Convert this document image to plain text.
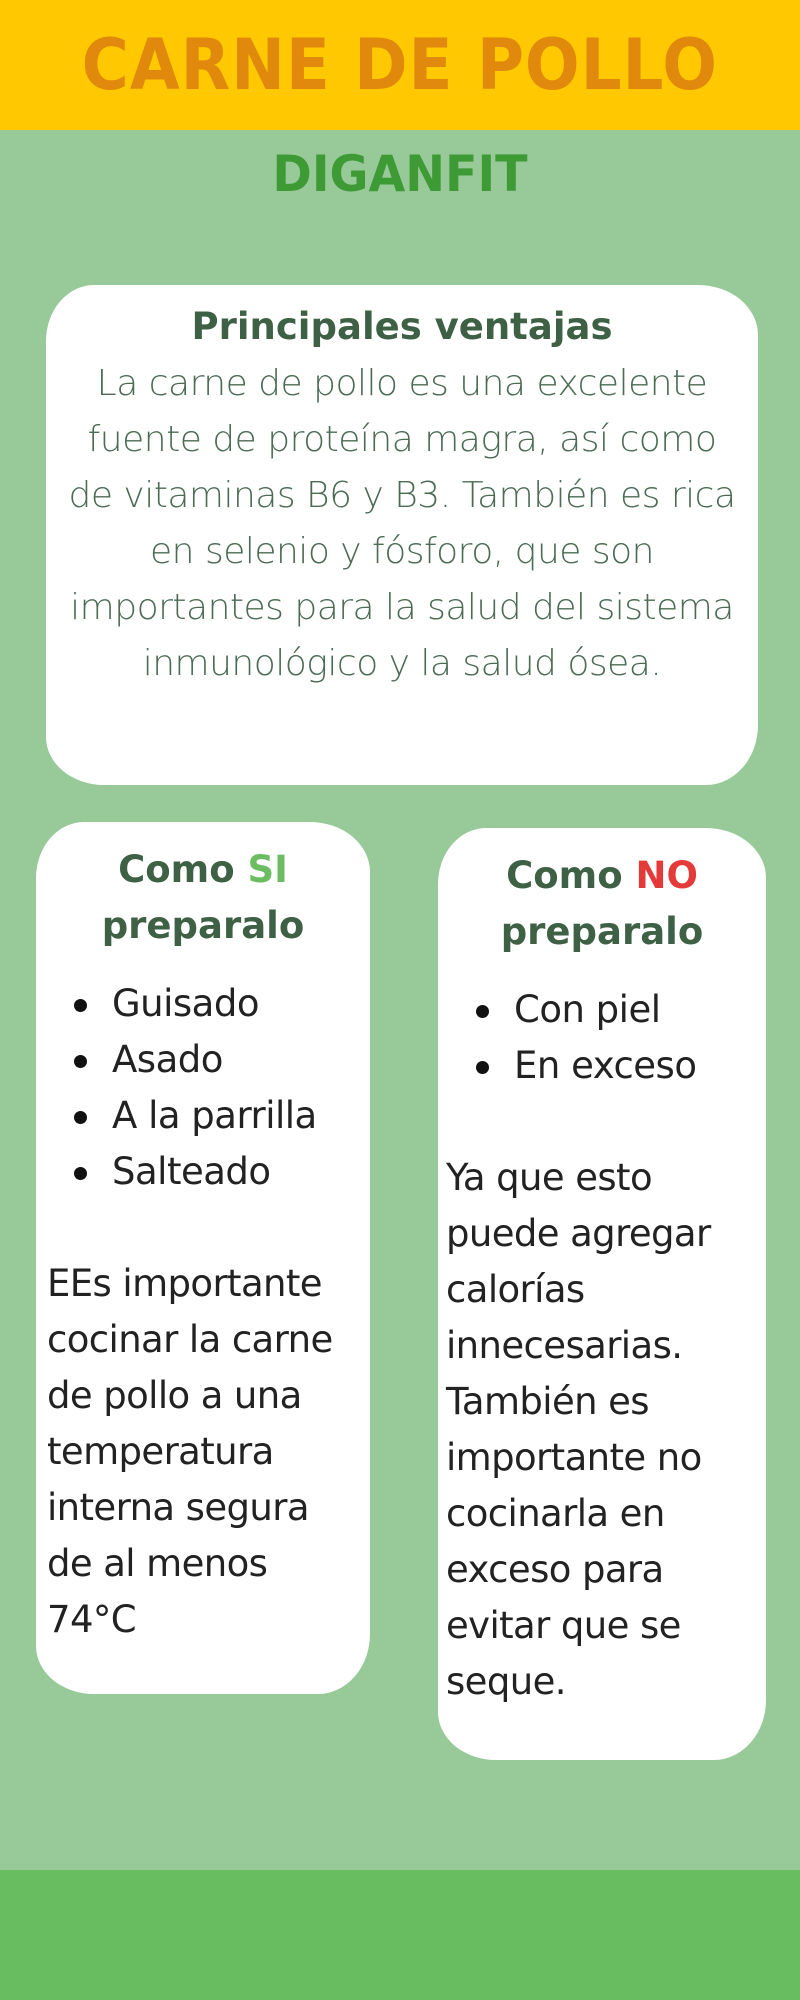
CARNE DE POLLO
DIGANFIT
Principales ventajas

La carne de pollo es una excelente fuente de proteína magra, así como de vitaminas B6 y B3. También es rica en selenio y fósforo, que son importantes para la salud del sistema inmunológico y la salud ósea.

Como SI
preparalo
Guisado
Asado
A la parrilla
Salteado

EEs importante cocinar la carne de pollo a una temperatura interna segura de al menos 74°C

Como NO
preparalo
Con piel
En exceso

Ya que esto puede agregar calorías innecesarias. También es importante no cocinarla en exceso para evitar que se seque.
